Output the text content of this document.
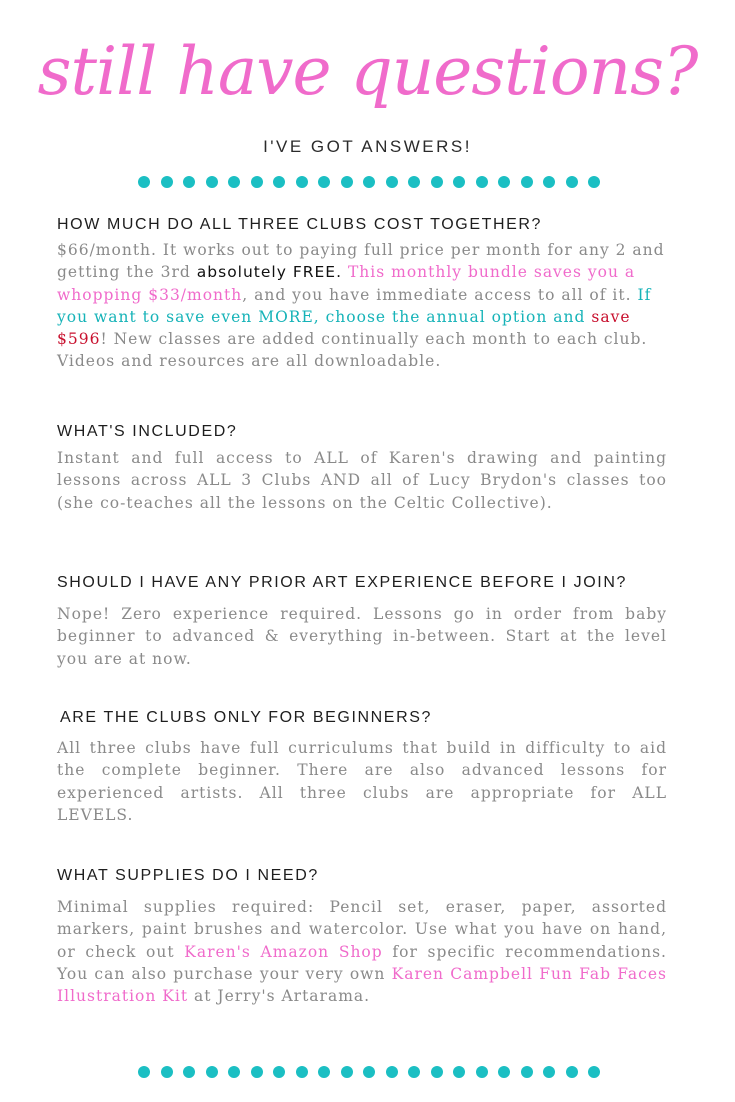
still have questions?
I'VE GOT ANSWERS!
HOW MUCH DO ALL THREE CLUBS COST TOGETHER?

$66/month. It works out to paying full price per month for any 2 and getting the 3rd absolutely FREE. This monthly bundle saves you a whopping $33/month, and you have immediate access to all of it. If you want to save even MORE, choose the annual option and save $596! New classes are added continually each month to each club. Videos and resources are all downloadable.

WHAT'S INCLUDED?

Instant and full access to ALL of Karen's drawing and painting lessons across ALL 3 Clubs AND all of Lucy Brydon's classes too (she co-teaches all the lessons on the Celtic Collective).

SHOULD I HAVE ANY PRIOR ART EXPERIENCE BEFORE I JOIN?

Nope! Zero experience required. Lessons go in order from baby beginner to advanced & everything in-between. Start at the level you are at now.

ARE THE CLUBS ONLY FOR BEGINNERS?

All three clubs have full curriculums that build in difficulty to aid the complete beginner. There are also advanced lessons for experienced artists. All three clubs are appropriate for ALL LEVELS.

WHAT SUPPLIES DO I NEED?

Minimal supplies required: Pencil set, eraser, paper, assorted markers, paint brushes and watercolor. Use what you have on hand, or check out Karen's Amazon Shop for specific recommendations. You can also purchase your very own Karen Campbell Fun Fab Faces Illustration Kit at Jerry's Artarama.
